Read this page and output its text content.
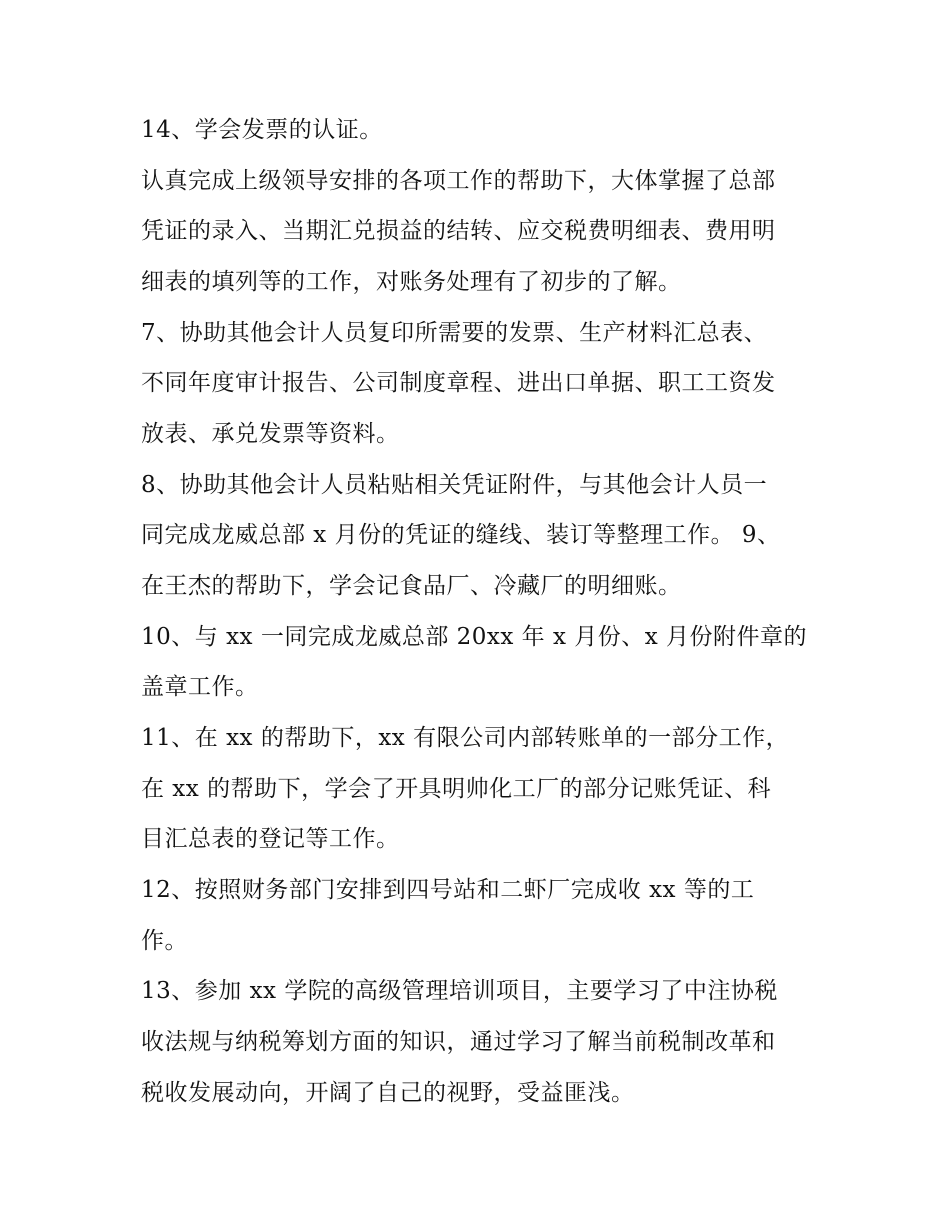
14、学会发票的认证。
认真完成上级领导安排的各项工作的帮助下，大体掌握了总部
凭证的录入、当期汇兑损益的结转、应交税费明细表、费用明
细表的填列等的工作，对账务处理有了初步的了解。
7、协助其他会计人员复印所需要的发票、生产材料汇总表、
不同年度审计报告、公司制度章程、进出口单据、职工工资发
放表、承兑发票等资料。
8、协助其他会计人员粘贴相关凭证附件，与其他会计人员一
同完成龙威总部 x 月份的凭证的缝线、装订等整理工作。 9、
在王杰的帮助下，学会记食品厂、冷藏厂的明细账。
10、与 xx 一同完成龙威总部 20xx 年 x 月份、x 月份附件章的
盖章工作。
11、在 xx 的帮助下，xx 有限公司内部转账单的一部分工作，
在 xx 的帮助下，学会了开具明帅化工厂的部分记账凭证、科
目汇总表的登记等工作。
12、按照财务部门安排到四号站和二虾厂完成收 xx 等的工
作。
13、参加 xx 学院的高级管理培训项目，主要学习了中注协税
收法规与纳税筹划方面的知识，通过学习了解当前税制改革和
税收发展动向，开阔了自己的视野，受益匪浅。
